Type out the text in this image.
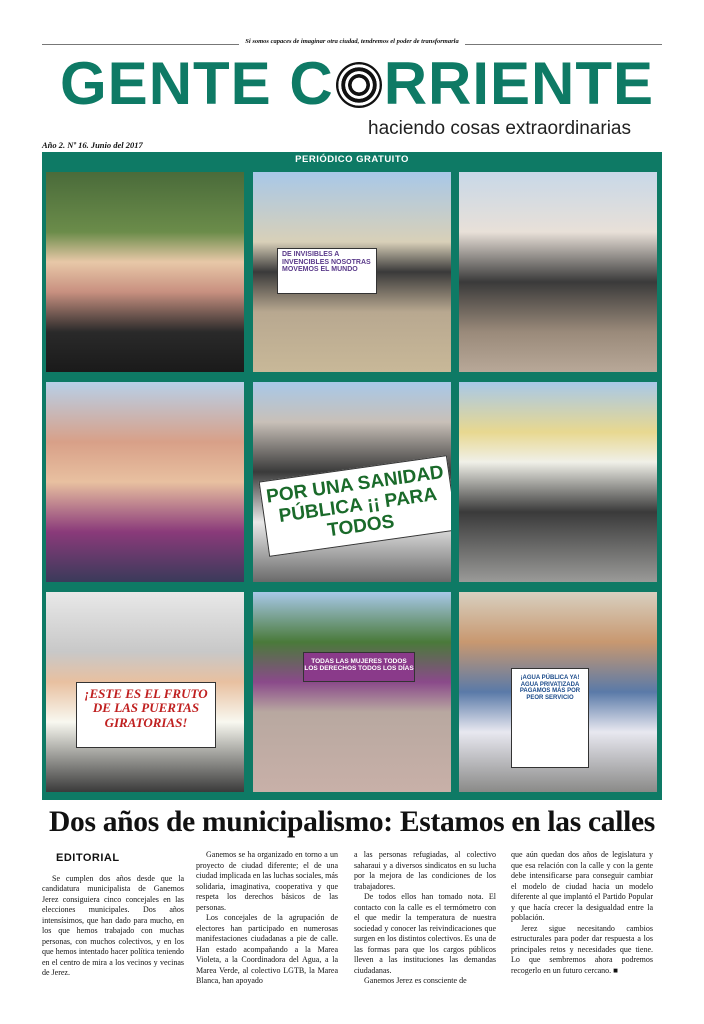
Si somos capaces de imaginar otra ciudad, tendremos el poder de transformarla
GENTE C RRIENTE
haciendo cosas extraordinarias
Año 2. Nº 16. Junio del 2017
PERIÓDICO GRATUITO
DE INVISIBLES A INVENCIBLES NOSOTRAS MOVEMOS EL MUNDO
POR UNA SANIDAD PÚBLICA ¡¡ PARA TODOS
¡ESTE ES EL FRUTO DE LAS PUERTAS GIRATORIAS!
TODAS LAS MUJERES TODOS LOS DERECHOS TODOS LOS DÍAS
¡AGUA PÚBLICA YA! AGUA PRIVATIZADA PAGAMOS MÁS POR PEOR SERVICIO
Dos años de municipalismo: Estamos en las calles
EDITORIAL

Se cumplen dos años desde que la candidatura municipalista de Ganemos Jerez consiguiera cinco concejales en las elecciones municipales. Dos años intensísimos, que han dado para mucho, en los que hemos trabajado con muchas personas, con muchos colectivos, y en los que hemos intentado hacer política teniendo en el centro de mira a los vecinos y vecinas de Jerez.

Ganemos se ha organizado en torno a un proyecto de ciudad diferente; el de una ciudad implicada en las luchas sociales, más solidaria, imaginativa, cooperativa y que respeta los derechos básicos de las personas.

Los concejales de la agrupación de electores han participado en numerosas manifestaciones ciudadanas a pie de calle. Han estado acompañando a la Marea Violeta, a la Coordinadora del Agua, a la Marea Verde, al colectivo LGTB, la Marea Blanca, han apoyado

a las personas refugiadas, al colectivo saharaui y a diversos sindicatos en su lucha por la mejora de las condiciones de los trabajadores.

De todos ellos han tomado nota. El contacto con la calle es el termómetro con el que medir la temperatura de nuestra sociedad y conocer las reivindicaciones que surgen en los distintos colectivos. Es una de las formas para que los cargos públicos lleven a las instituciones las demandas ciudadanas.

Ganemos Jerez es consciente de

que aún quedan dos años de legislatura y que esa relación con la calle y con la gente debe intensificarse para conseguir cambiar el modelo de ciudad hacia un modelo diferente al que implantó el Partido Popular y que hacía crecer la desigualdad entre la población.

Jerez sigue necesitando cambios estructurales para poder dar respuesta a los principales retos y necesidades que tiene. Lo que sembremos ahora podremos recogerlo en un futuro cercano. ■
